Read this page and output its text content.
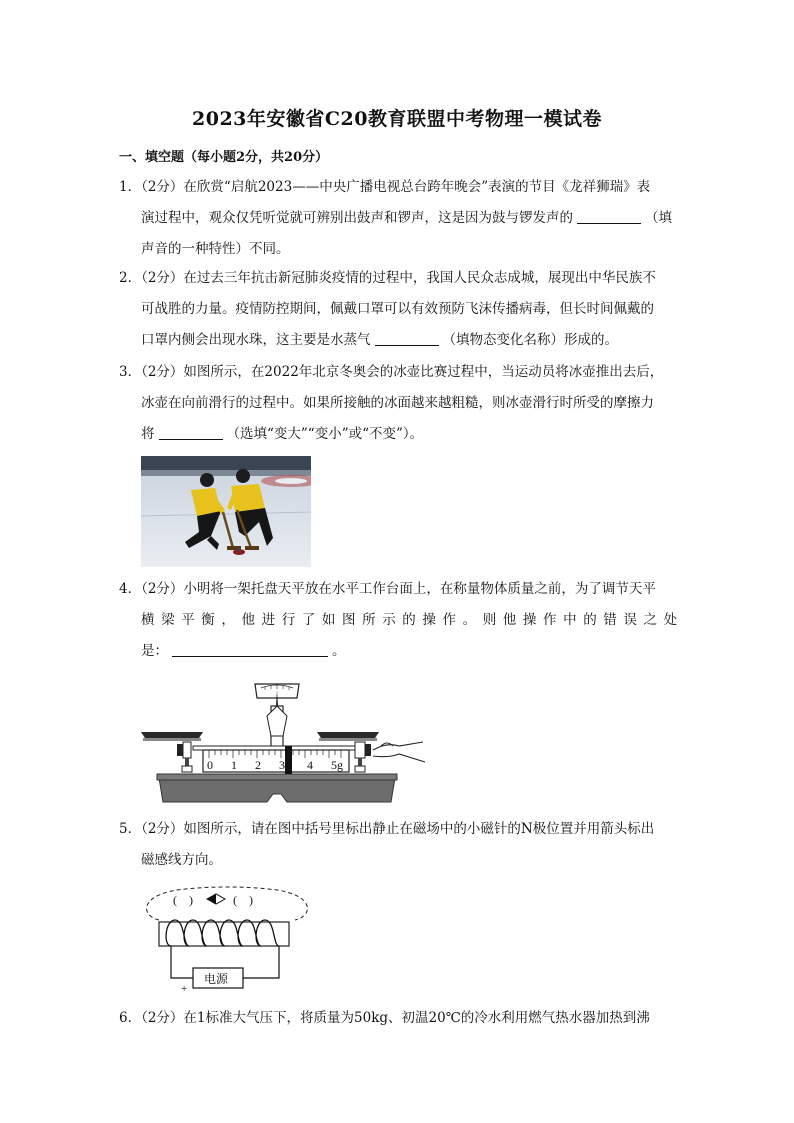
2023年安徽省C20教育联盟中考物理一模试卷
一、填空题（每小题2分，共20分）
1．（2分）在欣赏“启航2023——中央广播电视总台跨年晚会”表演的节目《龙祥狮瑞》表
演过程中，观众仅凭听觉就可辨别出鼓声和锣声，这是因为鼓与锣发声的	（填
声音的一种特性）不同。
2．（2分）在过去三年抗击新冠肺炎疫情的过程中，我国人民众志成城，展现出中华民族不
可战胜的力量。疫情防控期间，佩戴口罩可以有效预防飞沫传播病毒，但长时间佩戴的
口罩内侧会出现水珠，这主要是水蒸气	（填物态变化名称）形成的。
3．（2分）如图所示，在2022年北京冬奥会的冰壶比赛过程中，当运动员将冰壶推出去后，
冰壶在向前滑行的过程中。如果所接触的冰面越来越粗糙，则冰壶滑行时所受的摩擦力
将	（选填“变大”“变小”或“不变”）。
4．（2分）小明将一架托盘天平放在水平工作台面上，在称量物体质量之前，为了调节天平
横梁平衡，他进行了如图所示的操作。则他操作中的错误之处
是：	。
0 1 2 3 4 5g
5．（2分）如图所示，请在图中括号里标出静止在磁场中的小磁针的N极位置并用箭头标出
磁感线方向。
(　)	(　)
电源
+
6．（2分）在1标准大气压下，将质量为50kg、初温20℃的冷水利用燃气热水器加热到沸
